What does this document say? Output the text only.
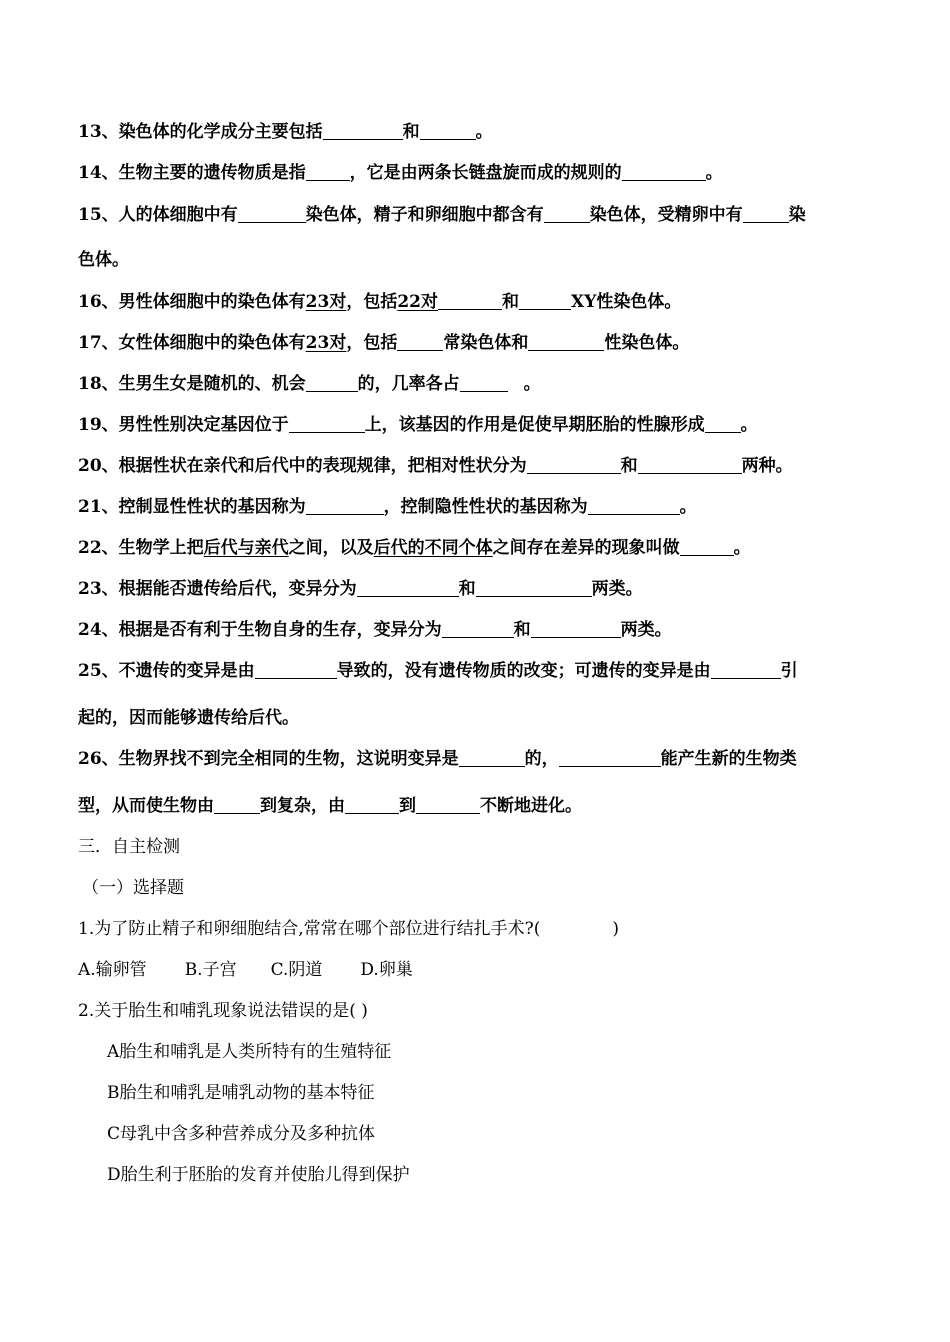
13、染色体的化学成分主要包括	和	。
14、生物主要的遗传物质是指	，它是由两条长链盘旋而成的规则的	。
15、人的体细胞中有	染色体，精子和卵细胞中都含有	染色体，受精卵中有	染
色体。
16、男性体细胞中的染色体有23对，包括22对	和	XY性染色体。
17、女性体细胞中的染色体有23对，包括	常染色体和	性染色体。
18、生男生女是随机的、机会	的，几率各占	。
19、男性性别决定基因位于	上，该基因的作用是促使早期胚胎的性腺形成 。
20、根据性状在亲代和后代中的表现规律，把相对性状分为	和	两种。
21、控制显性性状的基因称为	，控制隐性性状的基因称为	。
22、生物学上把后代与亲代之间，以及后代的不同个体之间存在差异的现象叫做	。
23、根据能否遗传给后代，变异分为	和	两类。
24、根据是否有利于生物自身的生存，变异分为	和	两类。
25、不遗传的变异是由	导致的，没有遗传物质的改变；可遗传的变异是由	引
起的，因而能够遗传给后代。
26、生物界找不到完全相同的生物，这说明变异是	的，	能产生新的生物类
型，从而使生物由	到复杂，由	到	不断地进化。
三．自主检测
（一）选择题
1.为了防止精子和卵细胞结合,常常在哪个部位进行结扎手术?(	)
A.输卵管 B.子宫 C.阴道 D.卵巢
2.关于胎生和哺乳现象说法错误的是( )
A胎生和哺乳是人类所特有的生殖特征
B胎生和哺乳是哺乳动物的基本特征
C母乳中含多种营养成分及多种抗体
D胎生利于胚胎的发育并使胎儿得到保护
